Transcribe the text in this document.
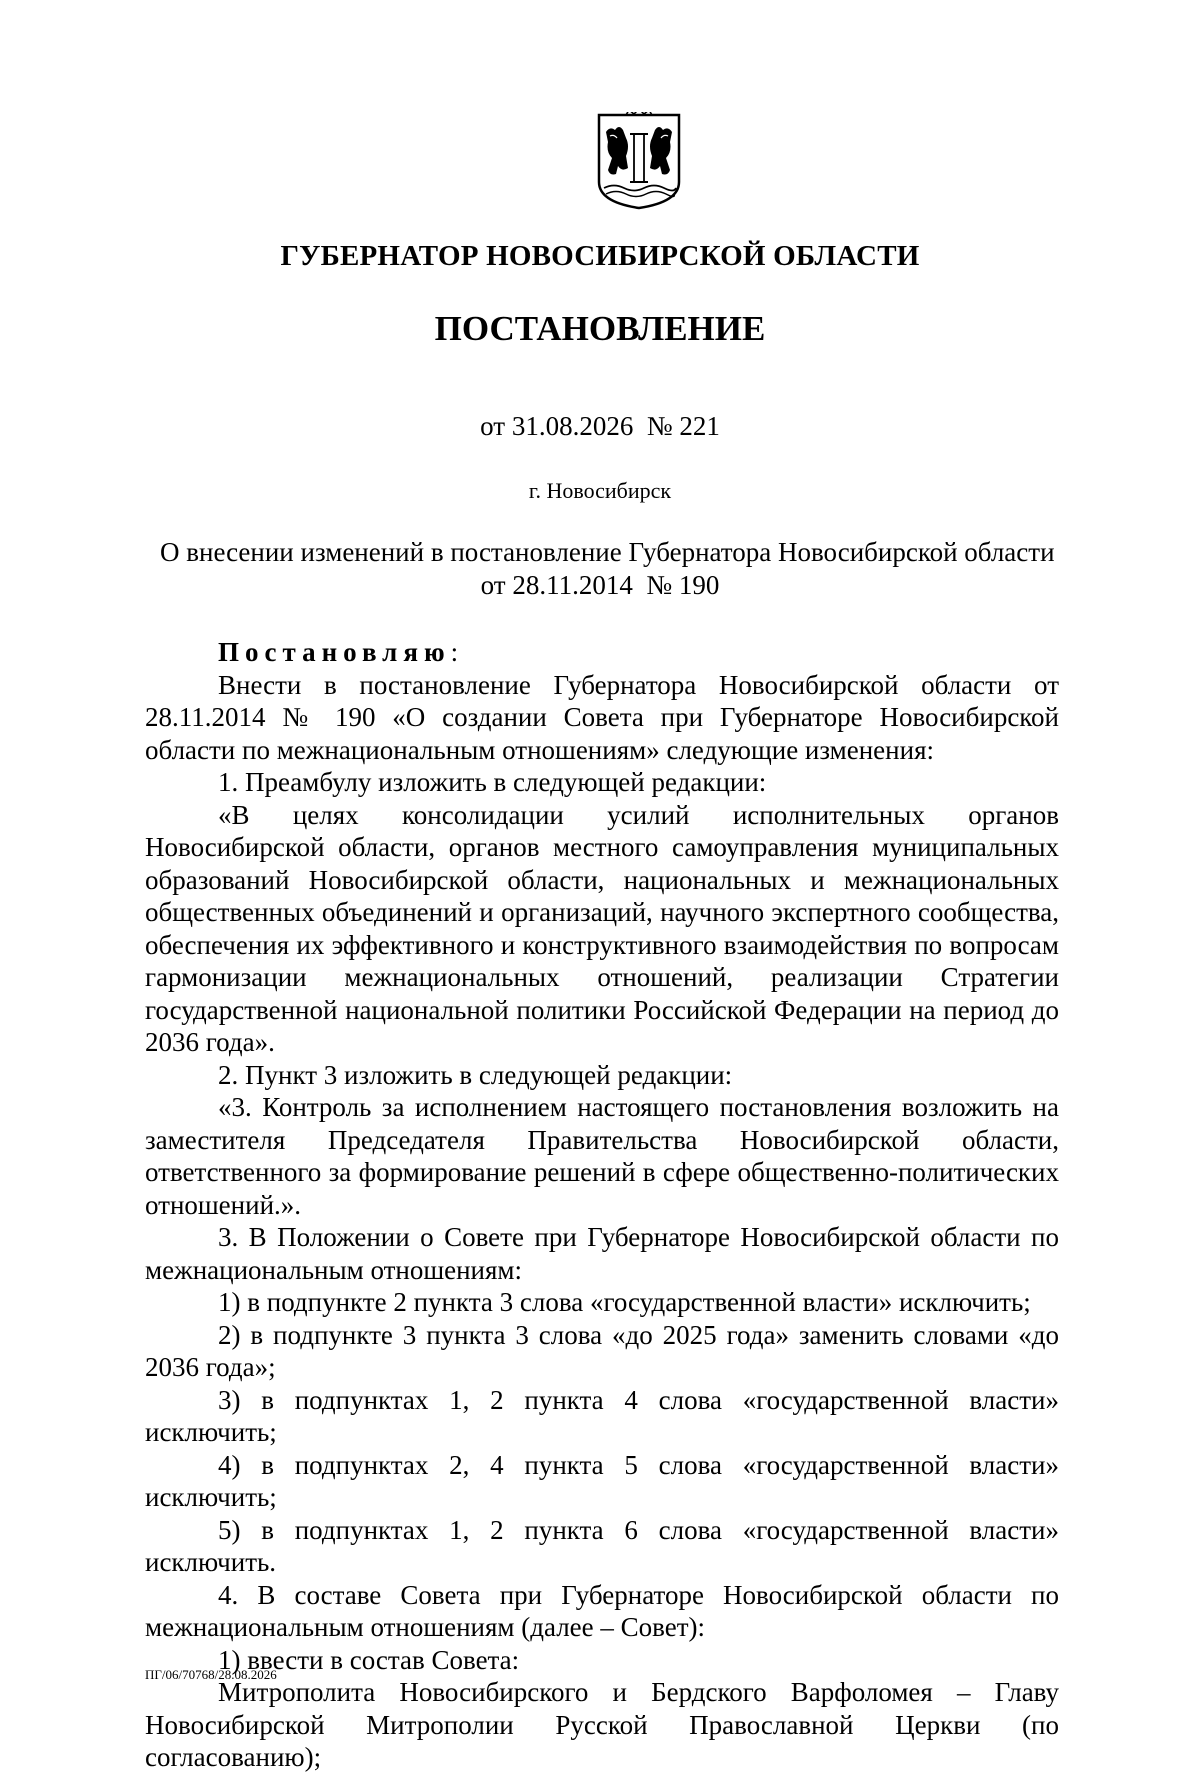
ГУБЕРНАТОР НОВОСИБИРСКОЙ ОБЛАСТИ
ПОСТАНОВЛЕНИЕ
от 31.08.2026  № 221
г. Новосибирск
О внесении изменений в постановление Губернатора Новосибирской области
от 28.11.2014  № 190

Постановляю:

Внести в постановление Губернатора Новосибирской области от 28.11.2014 № 190 «О создании Совета при Губернаторе Новосибирской области по межнациональным отношениям» следующие изменения:

1. Преамбулу изложить в следующей редакции:

«В целях консолидации усилий исполнительных органов Новосибирской области, органов местного самоуправления муниципальных образований Новосибирской области, национальных и межнациональных общественных объединений и организаций, научного экспертного сообщества, обеспечения их эффективного и конструктивного взаимодействия по вопросам гармонизации межнациональных отношений, реализации Стратегии государственной национальной политики Российской Федерации на период до 2036 года».

2. Пункт 3 изложить в следующей редакции:

«3. Контроль за исполнением настоящего постановления возложить на заместителя Председателя Правительства Новосибирской области, ответственного за формирование решений в сфере общественно-политических отношений.».

3. В Положении о Совете при Губернаторе Новосибирской области по межнациональным отношениям:

1) в подпункте 2 пункта 3 слова «государственной власти» исключить;

2) в подпункте 3 пункта 3 слова «до 2025 года» заменить словами «до 2036 года»;

3) в подпунктах 1, 2 пункта 4 слова «государственной власти» исключить;

4) в подпунктах 2, 4 пункта 5 слова «государственной власти» исключить;

5) в подпунктах 1, 2 пункта 6 слова «государственной власти» исключить.

4. В составе Совета при Губернаторе Новосибирской области по межнациональным отношениям (далее – Совет):

1) ввести в состав Совета:

Митрополита Новосибирского и Бердского Варфоломея – Главу Новосибирской Митрополии Русской Православной Церкви (по согласованию);

ПГ/06/70768/28.08.2026
